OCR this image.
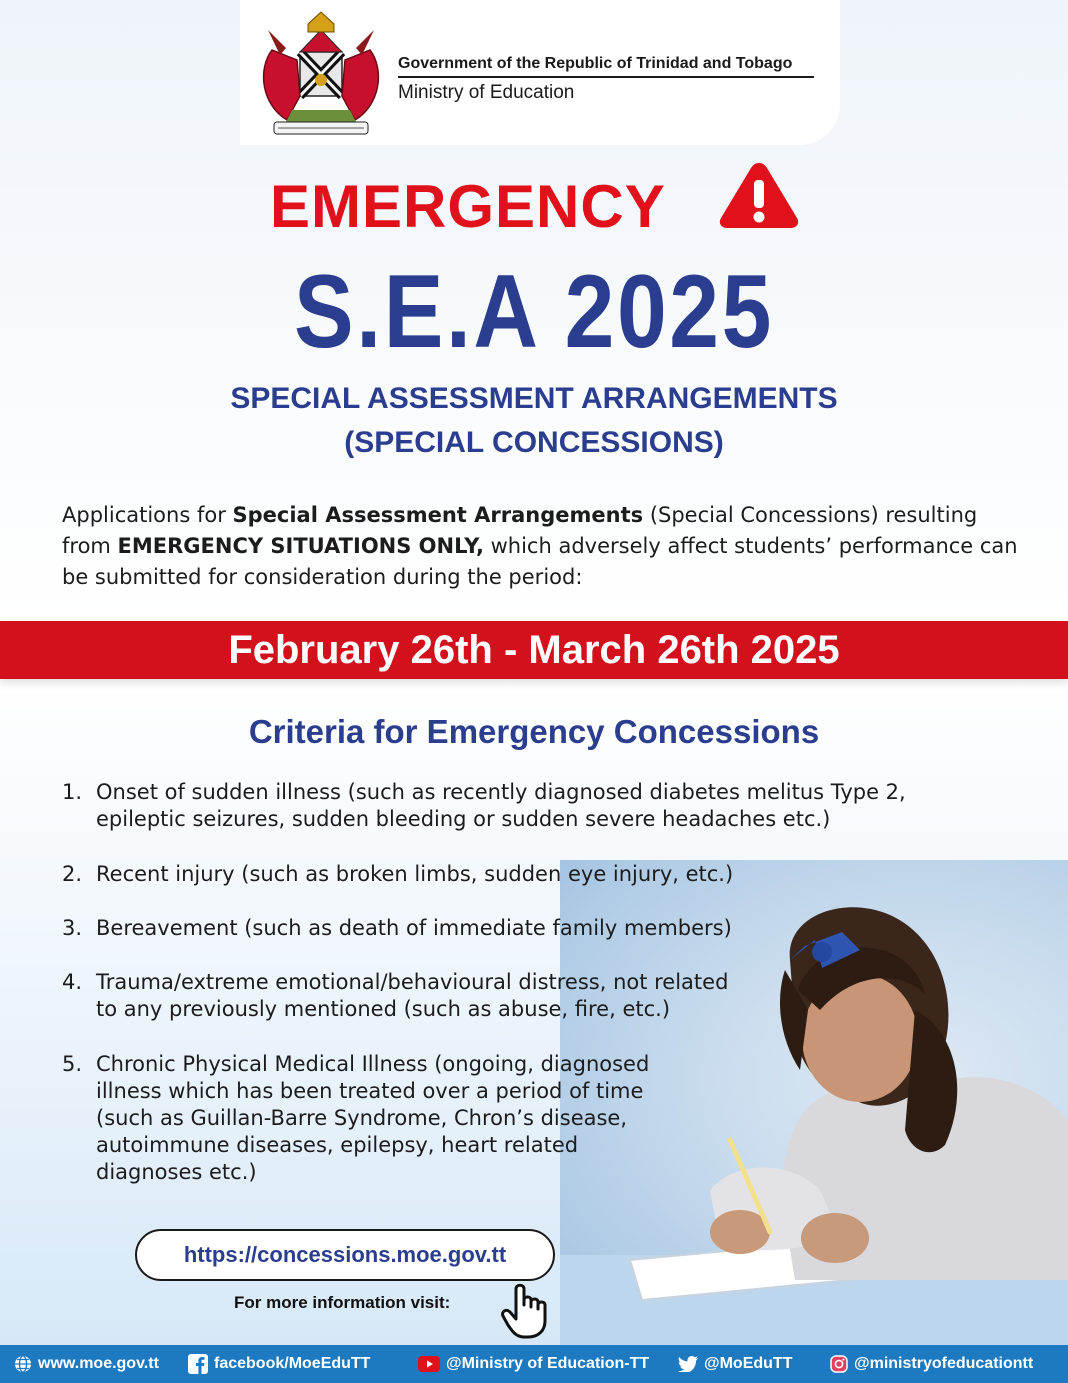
Government of the Republic of Trinidad and Tobago
Ministry of Education
EMERGENCY
S.E.A 2025
SPECIAL ASSESSMENT ARRANGEMENTS
(SPECIAL CONCESSIONS)
Applications for Special Assessment Arrangements (Special Concessions) resulting from EMERGENCY SITUATIONS ONLY, which adversely affect students’ performance can be submitted for consideration during the period:
February 26th - March 26th 2025
Criteria for Emergency Concessions
1. Onset of sudden illness (such as recently diagnosed diabetes melitus Type 2,
epileptic seizures, sudden bleeding or sudden severe headaches etc.)
2. Recent injury (such as broken limbs, sudden eye injury, etc.)
3. Bereavement (such as death of immediate family members)
4. Trauma/extreme emotional/behavioural distress, not related
to any previously mentioned (such as abuse, fire, etc.)
5. Chronic Physical Medical Illness (ongoing, diagnosed
illness which has been treated over a period of time
(such as Guillan-Barre Syndrome, Chron’s disease,
autoimmune diseases, epilepsy, heart related
diagnoses etc.)
https://concessions.moe.gov.tt
For more information visit:
www.moe.gov.tt	facebook/MoeEduTT	@Ministry of Education-TT	@MoEduTT	@ministryofeducationtt
